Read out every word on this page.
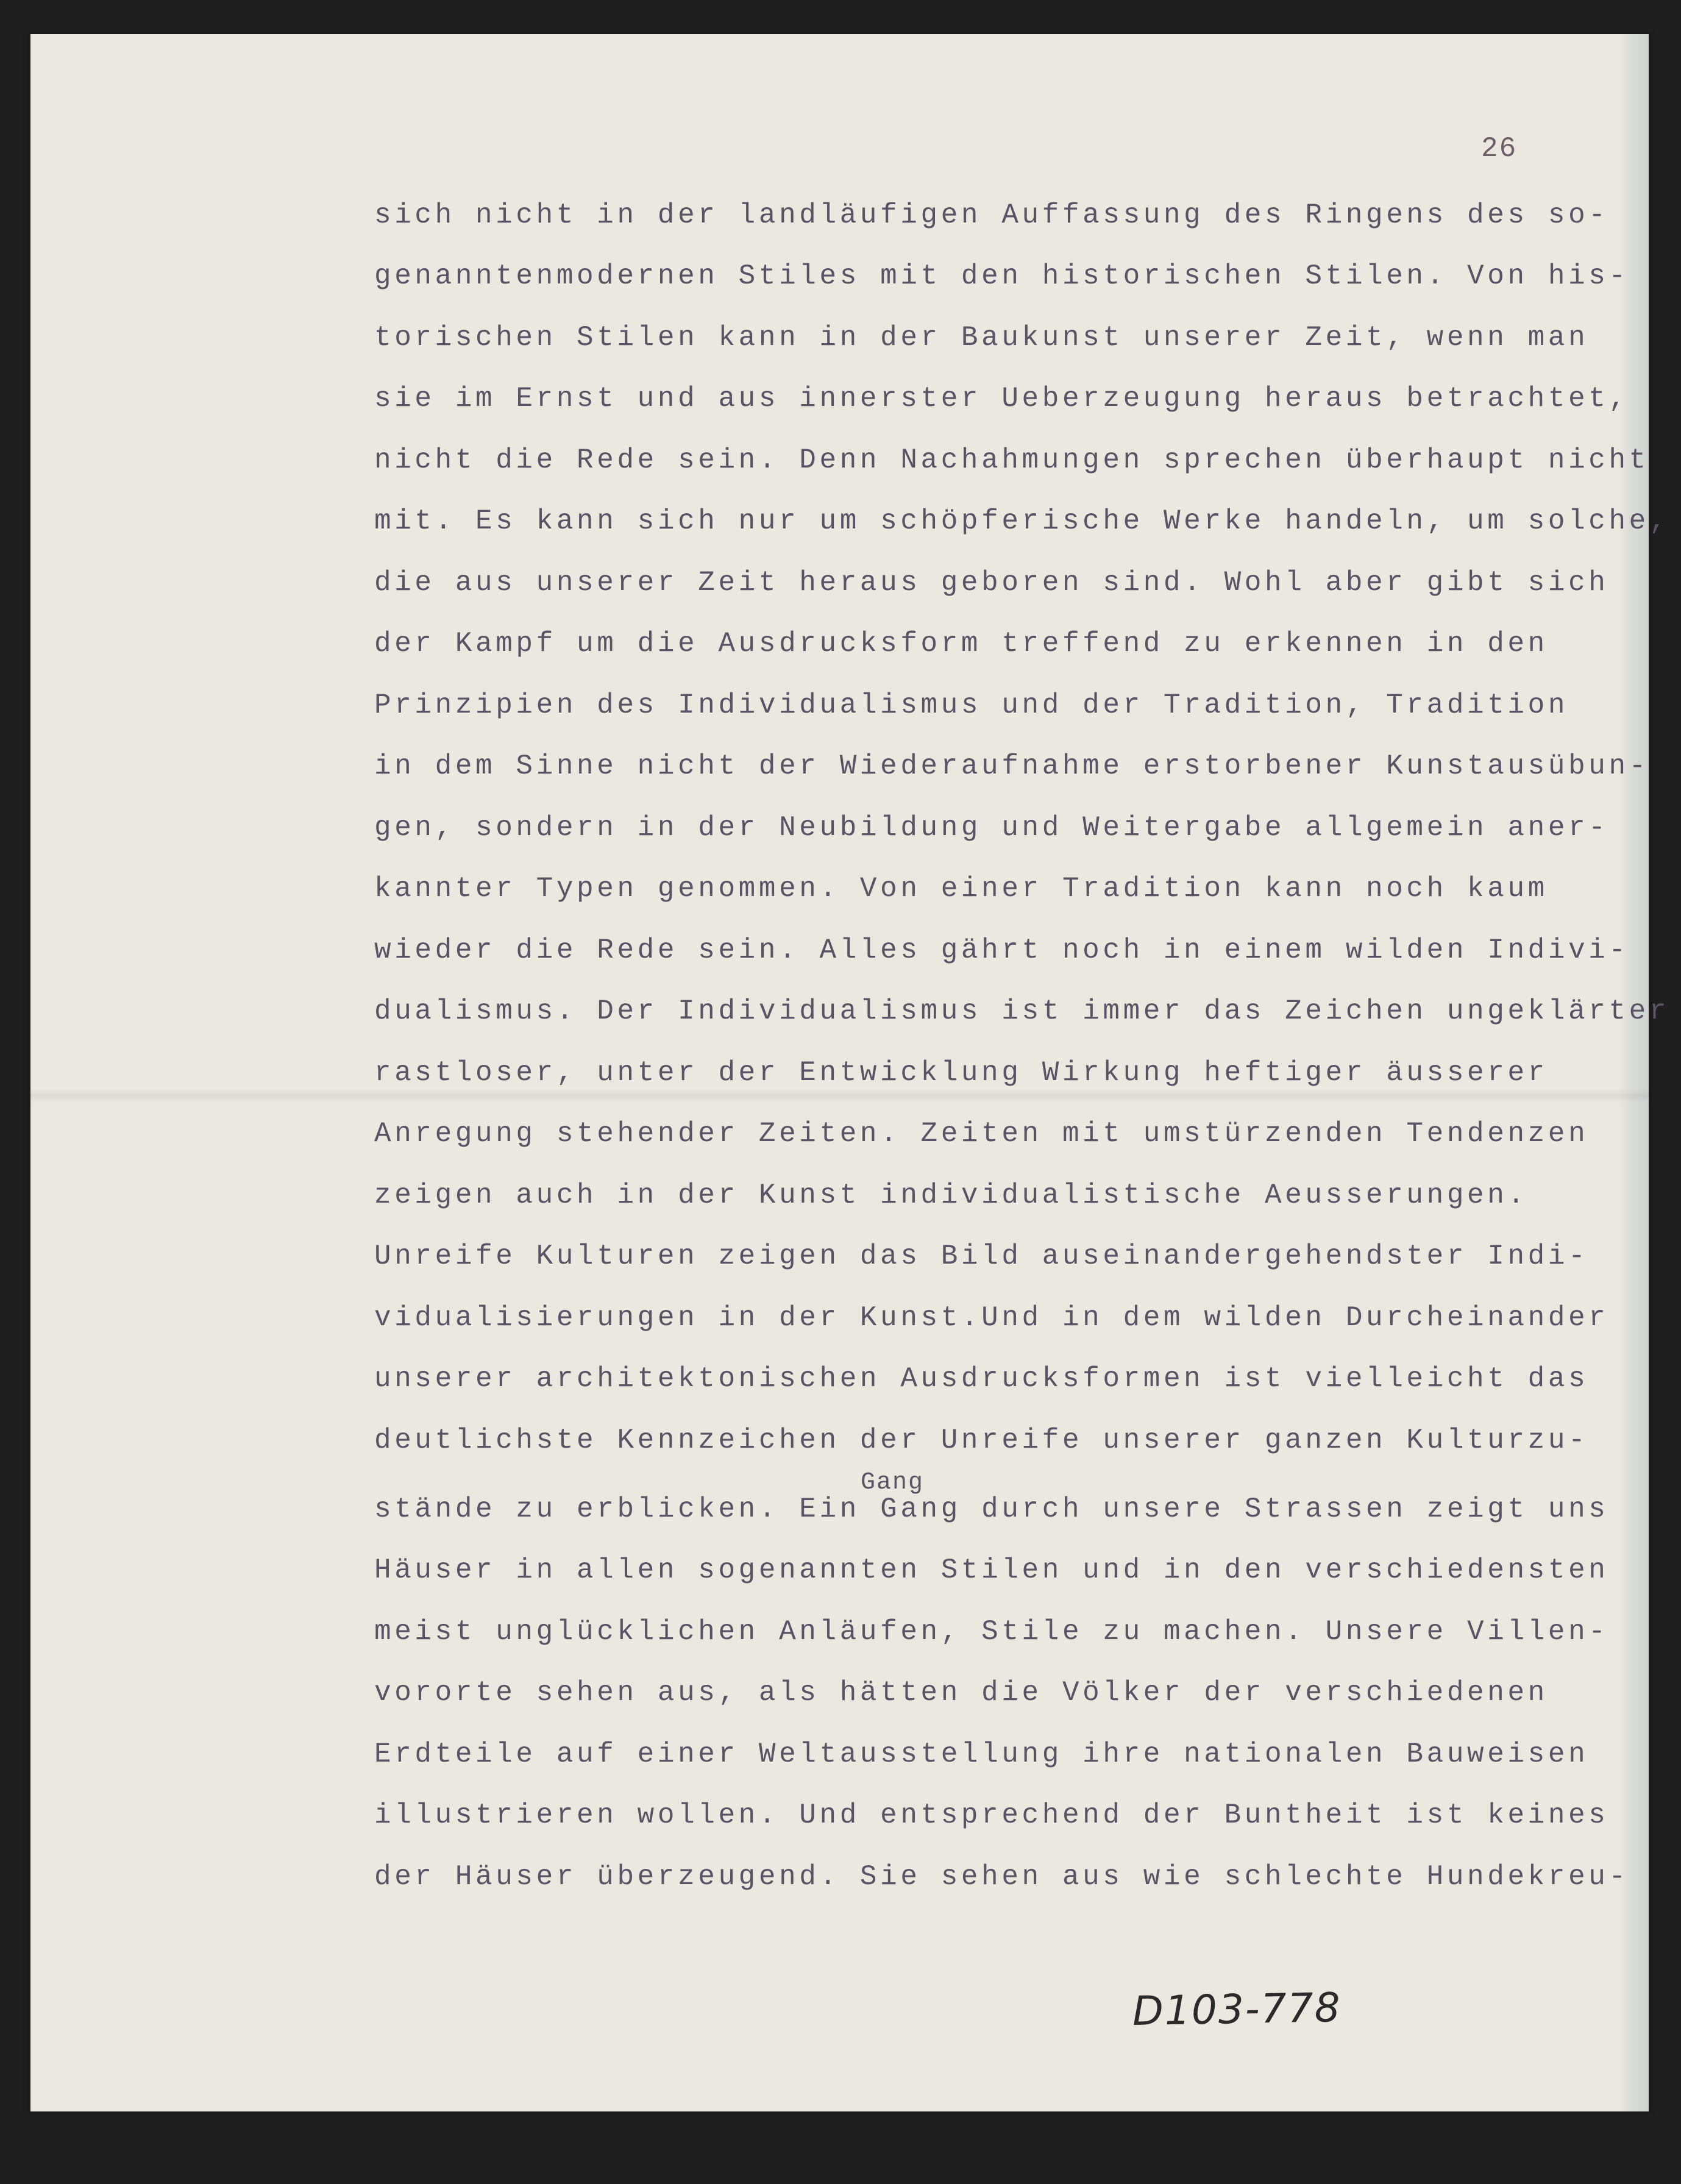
26
sich nicht in der landläufigen Auffassung des Ringens des so-
genanntenmodernen Stiles mit den historischen Stilen. Von his-
torischen Stilen kann in der Baukunst unserer Zeit, wenn man
sie im Ernst und aus innerster Ueberzeugung heraus betrachtet,
nicht die Rede sein. Denn Nachahmungen sprechen überhaupt nicht
mit. Es kann sich nur um schöpferische Werke handeln, um solche,
die aus unserer Zeit heraus geboren sind. Wohl aber gibt sich
der Kampf um die Ausdrucksform treffend zu erkennen in den
Prinzipien des Individualismus und der Tradition, Tradition
in dem Sinne nicht der Wiederaufnahme erstorbener Kunstausübun-
gen, sondern in der Neubildung und Weitergabe allgemein aner-
kannter Typen genommen. Von einer Tradition kann noch kaum
wieder die Rede sein. Alles gährt noch in einem wilden Indivi-
dualismus. Der Individualismus ist immer das Zeichen ungeklärter
rastloser, unter der Entwicklung Wirkung heftiger äusserer
Anregung stehender Zeiten. Zeiten mit umstürzenden Tendenzen
zeigen auch in der Kunst individualistische Aeusserungen.
Unreife Kulturen zeigen das Bild auseinandergehendster Indi-
vidualisierungen in der Kunst.Und in dem wilden Durcheinander
unserer architektonischen Ausdrucksformen ist vielleicht das
deutlichste Kennzeichen der Unreife unserer ganzen Kulturzu-
stände zu erblicken. Ein Gang durch unsere Strassen zeigt uns
Häuser in allen sogenannten Stilen und in den verschiedensten
meist unglücklichen Anläufen, Stile zu machen. Unsere Villen-
vororte sehen aus, als hätten die Völker der verschiedenen
Erdteile auf einer Weltausstellung ihre nationalen Bauweisen
illustrieren wollen. Und entsprechend der Buntheit ist keines
der Häuser überzeugend. Sie sehen aus wie schlechte Hundekreu-
Gang
D103-778
